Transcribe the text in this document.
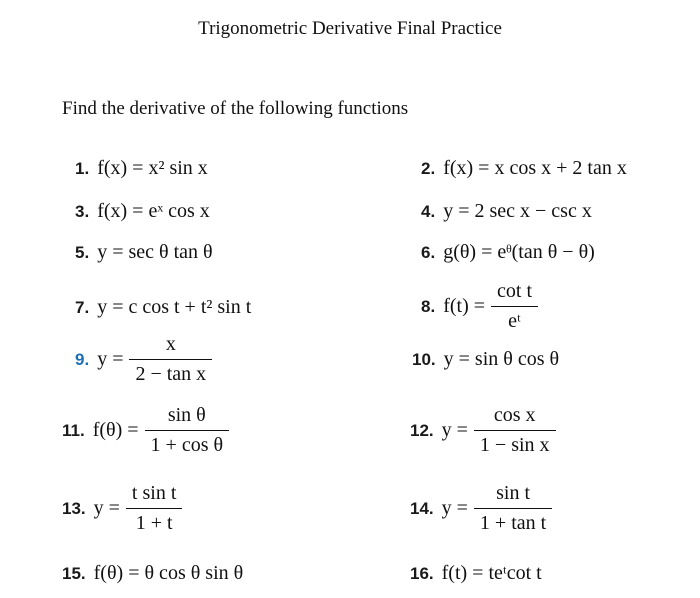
Trigonometric Derivative Final Practice
Find the derivative of the following functions
1. f(x) = x² sin x	2. f(x) = x cos x + 2 tan x
3. f(x) = eˣ cos x	4. y = 2 sec x − csc x
5. y = sec θ tan θ	6. g(θ) = eᶿ(tan θ − θ)
7. y = c cos t + t² sin t	8. $f(t) = \frac{\text{cot t}}{\text{eᵗ}}$
9. $y = \frac{x}{\text{2 − tan x}}$	10. y = sin θ cos θ
11. $f(\theta) = \frac{\text{sin θ}}{\text{1 + cos θ}}$	12. $y = \frac{\text{cos x}}{\text{1 − sin x}}$
13. $y = \frac{\text{t sin t}}{1 + t}$	14. $y = \frac{\text{sin t}}{\text{1 + tan t}}$
15. f(θ) = θ cos θ sin θ	16. f(t) = teᵗcot t
